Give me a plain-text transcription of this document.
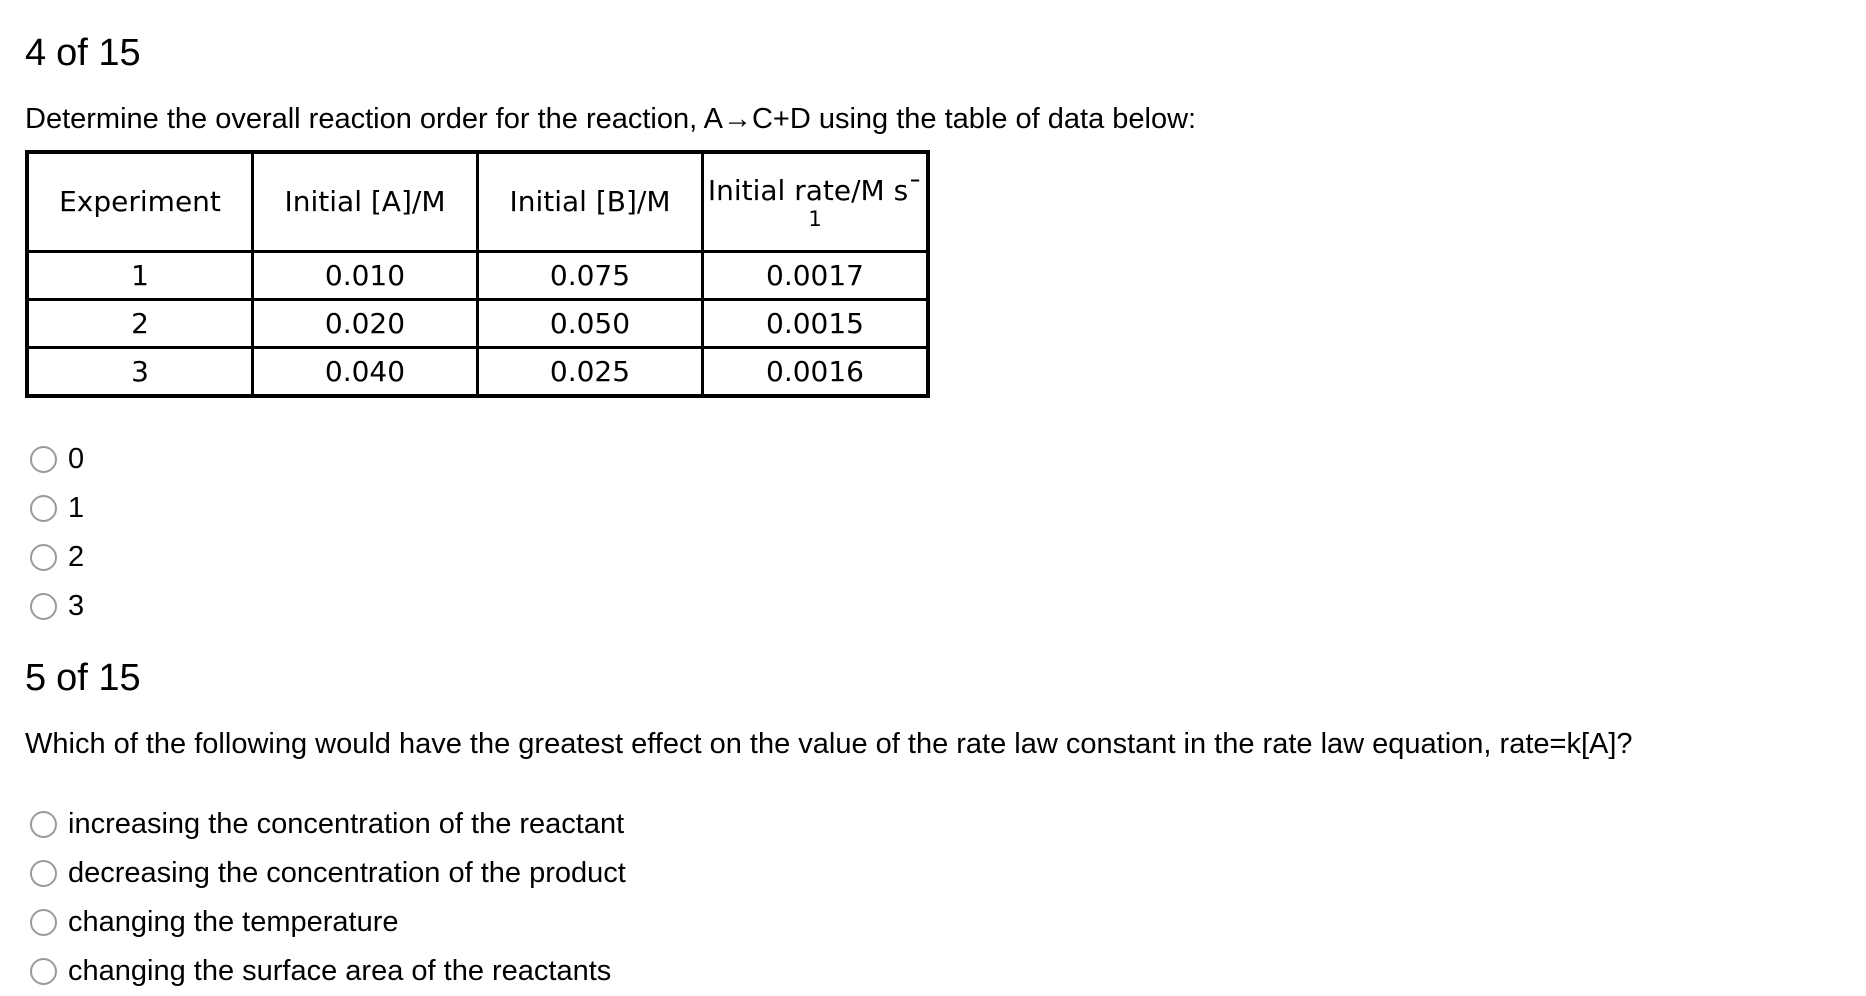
4 of 15
Determine the overall reaction order for the reaction, A→C+D using the table of data below:
Experiment	Initial [A]/M	Initial [B]/M	Initial rate/M s¯
1

1	0.010	0.075	0.0017
2	0.020	0.050	0.0015
3	0.040	0.025	0.0016
0
1
2
3
5 of 15
Which of the following would have the greatest effect on the value of the rate law constant in the rate law equation, rate=k[A]?
increasing the concentration of the reactant
decreasing the concentration of the product
changing the temperature
changing the surface area of the reactants
